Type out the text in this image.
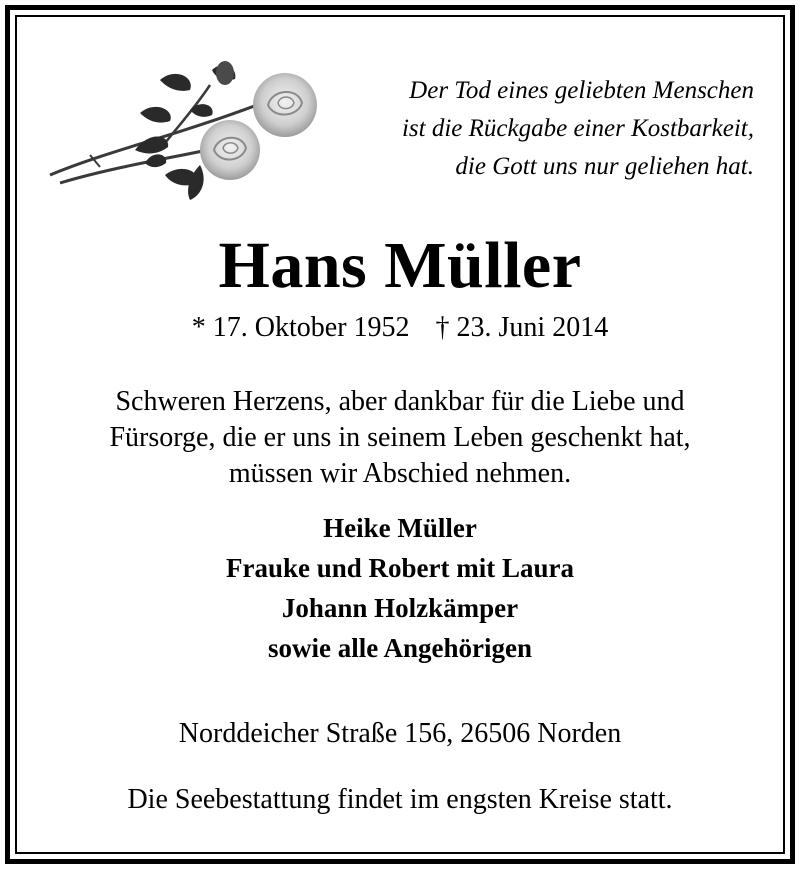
Der Tod eines geliebten Menschen
ist die Rückgabe einer Kostbarkeit,
die Gott uns nur geliehen hat.
Hans Müller
* 17. Oktober 1952 † 23. Juni 2014
Schweren Herzens, aber dankbar für die Liebe und
Fürsorge, die er uns in seinem Leben geschenkt hat,
müssen wir Abschied nehmen.
Heike Müller
Frauke und Robert mit Laura
Johann Holzkämper
sowie alle Angehörigen
Norddeicher Straße 156, 26506 Norden
Die Seebestattung findet im engsten Kreise statt.
